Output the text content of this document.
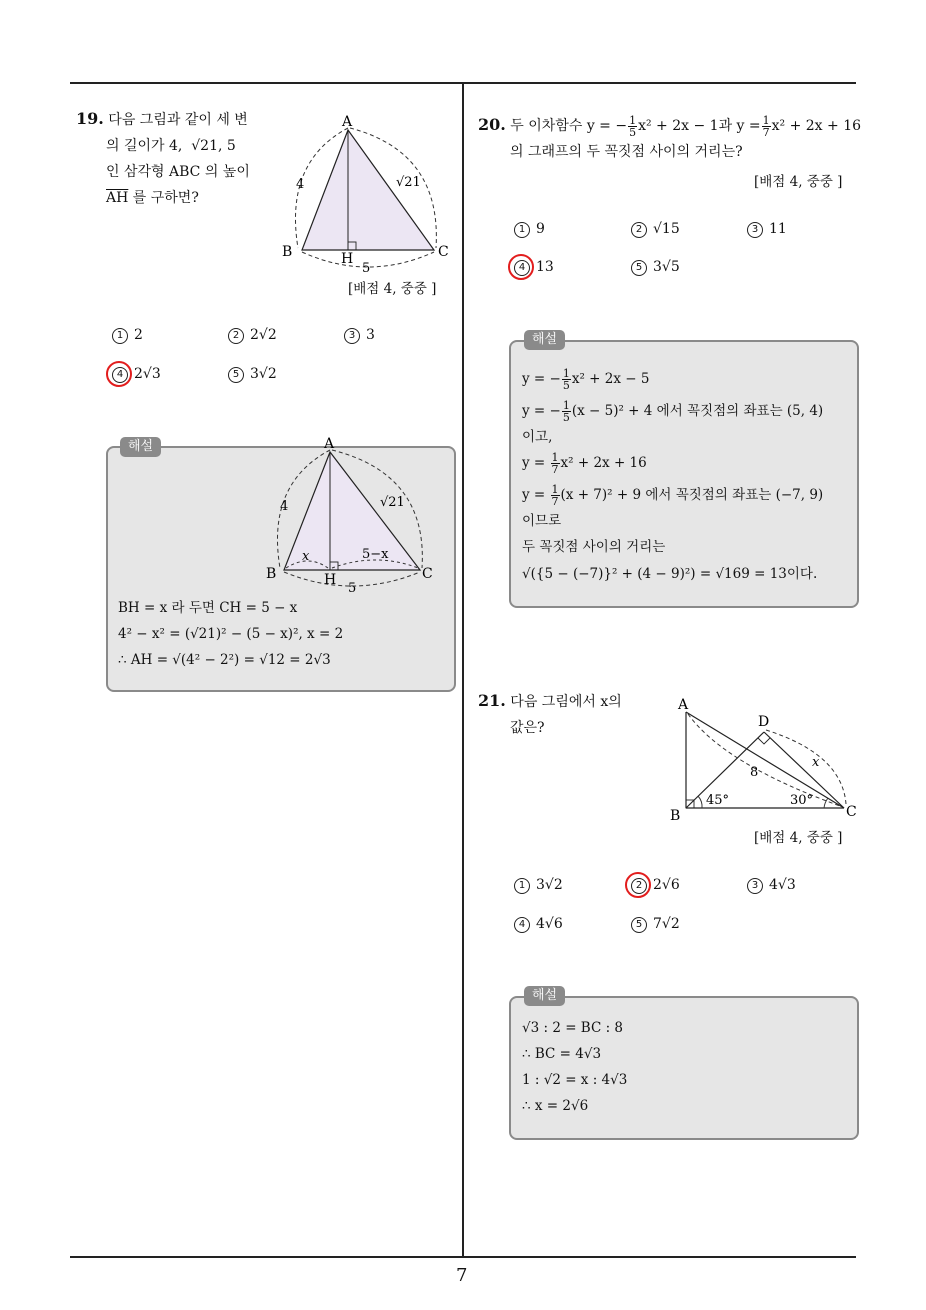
7
19. 다음 그림과 같이 세 변
의 길이가 4, √21, 5
인 삼각형 ABC 의 높이
$\overline{AH}$ 를 구하면?
A
B	C
H
4	√21
5
[배점 4, 중중 ]
1 2	2 2√2	3 3
4 2√3	5 3√2
해설	A
B	C
H
4	√21
5
x	5−x
BH = x 라 두면 CH = 5 − x
4² − x² = (√21)² − (5 − x)², x = 2
∴ AH = √(4² − 2²) = √12 = 2√3
20. 두 이차함수 y = − $\frac{1}{5} x^2 + 2x - 1$과 $y = \frac{1}{7} x^2 + 2x + 16$
의 그래프의 두 꼭짓점 사이의 거리는?
[배점 4, 중중 ]
1 9	2 √15	3 11
4 13	5 3√5
해설
y = − $\frac{1}{5} x^2 + 2x - 5$
y = − $\frac{1}{5} (x - 5)^2 + 4$ 에서 꼭짓점의 좌표는 (5, 4)
이고,
$y = \frac{1}{7} x^2 + 2x + 16$
$y = \frac{1}{7} (x + 7)^2 + 9$ 에서 꼭짓점의 좌표는 (−7, 9)
이므로
두 꼭짓점 사이의 거리는
√({5 − (−7)}² + (4 − 9)²) = √169 = 13이다.
21. 다음 그림에서 x의
값은?
A
B	C
D
8
x
45°	30°
[배점 4, 중중 ]
1 3√2	2 2√6	3 4√3
4 4√6	5 7√2
해설
√3 : 2 = BC : 8
∴ BC = 4√3
1 : √2 = x : 4√3
∴ x = 2√6
